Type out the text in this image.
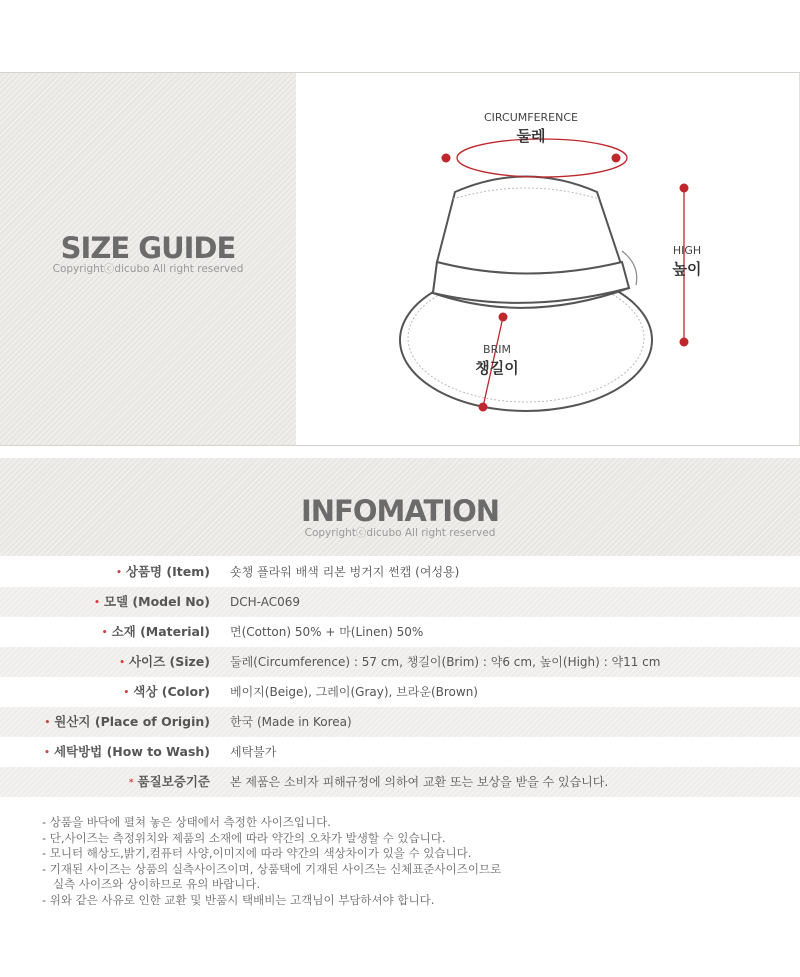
SIZE GUIDE
Copyrightⓒdicubo All right reserved
CIRCUMFERENCE
둘레
HIGH
높이
BRIM
챙길이
INFOMATION
Copyrightⓒdicubo All right reserved
• 상품명 (Item) 숏챙 플라워 배색 리본 벙거지 썬캡 (여성용)
• 모델 (Model No) DCH-AC069
• 소재 (Material) 면(Cotton) 50% + 마(Linen) 50%
• 사이즈 (Size) 둘레(Circumference) : 57 cm, 챙길이(Brim) : 약6 cm, 높이(High) : 약11 cm
• 색상 (Color) 베이지(Beige), 그레이(Gray), 브라운(Brown)
• 원산지 (Place of Origin) 한국 (Made in Korea)
• 세탁방법 (How to Wash) 세탁불가
* 품질보증기준 본 제품은 소비자 피해규정에 의하여 교환 또는 보상을 받을 수 있습니다.
- 상품을 바닥에 펼쳐 놓은 상태에서 측정한 사이즈입니다.
- 단,사이즈는 측정위치와 제품의 소재에 따라 약간의 오차가 발생할 수 있습니다.
- 모니터 해상도,밝기,컴퓨터 사양,이미지에 따라 약간의 색상차이가 있을 수 있습니다.
- 기재된 사이즈는 상품의 실측사이즈이며, 상품택에 기재된 사이즈는 신체표준사이즈이므로
실측 사이즈와 상이하므로 유의 바랍니다.
- 위와 같은 사유로 인한 교환 및 반품시 택배비는 고객님이 부담하셔야 합니다.
